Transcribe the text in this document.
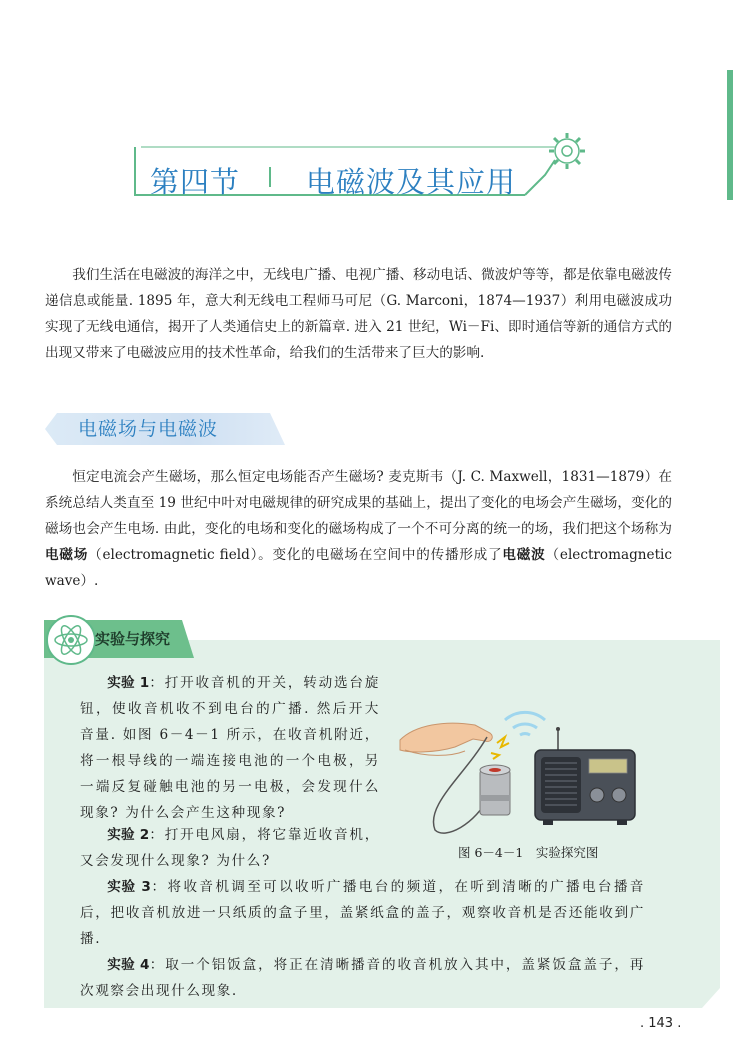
第四节 电磁波及其应用

我们生活在电磁波的海洋之中，无线电广播、电视广播、移动电话、微波炉等等，都是依靠电磁波传递信息或能量. 1895 年，意大利无线电工程师马可尼（G. Marconi，1874—1937）利用电磁波成功实现了无线电通信，揭开了人类通信史上的新篇章. 进入 21 世纪，Wi－Fi、即时通信等新的通信方式的出现又带来了电磁波应用的技术性革命，给我们的生活带来了巨大的影响.

电磁场与电磁波

恒定电流会产生磁场，那么恒定电场能否产生磁场? 麦克斯韦（J. C. Maxwell，1831—1879）在系统总结人类直至 19 世纪中叶对电磁规律的研究成果的基础上，提出了变化的电场会产生磁场，变化的磁场也会产生电场. 由此，变化的电场和变化的磁场构成了一个不可分离的统一的场，我们把这个场称为电磁场（electromagnetic field）。变化的电磁场在空间中的传播形成了电磁波（electromagnetic wave）.

实验与探究

实验 1：打开收音机的开关，转动选台旋钮，使收音机收不到电台的广播. 然后开大音量. 如图 6－4－1 所示，在收音机附近，将一根导线的一端连接电池的一个电极，另一端反复碰触电池的另一电极，会发现什么现象? 为什么会产生这种现象?

实验 2：打开电风扇，将它靠近收音机，又会发现什么现象? 为什么?

实验 3：将收音机调至可以收听广播电台的频道，在听到清晰的广播电台播音后，把收音机放进一只纸质的盒子里，盖紧纸盒的盖子，观察收音机是否还能收到广播.

实验 4：取一个铝饭盒，将正在清晰播音的收音机放入其中，盖紧饭盒盖子，再次观察会出现什么现象.

图 6－4－1　实验探究图
. 143 .
